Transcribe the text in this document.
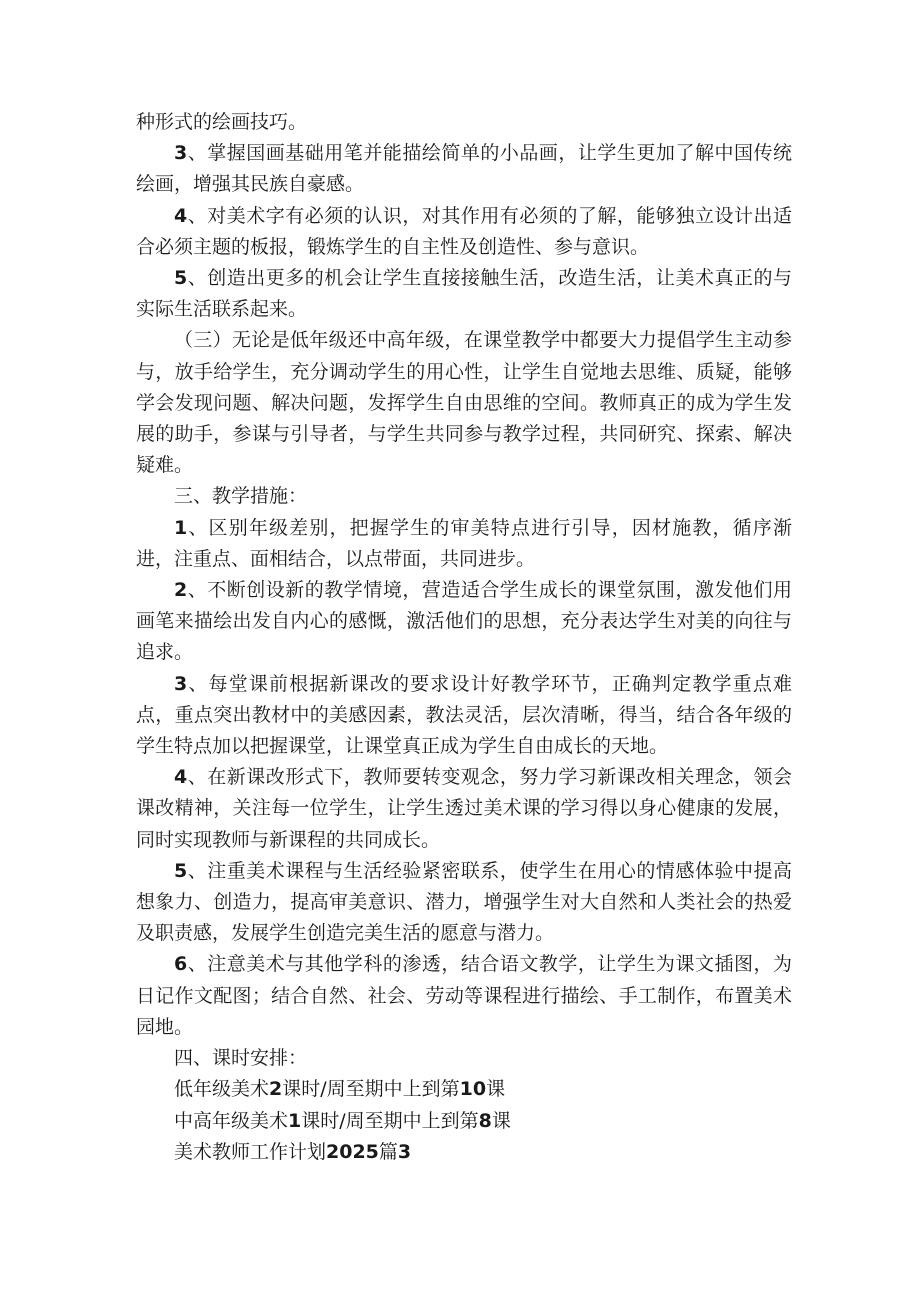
种形式的绘画技巧。

3、掌握国画基础用笔并能描绘简单的小品画，让学生更加了解中国传统绘画，增强其民族自豪感。

4、对美术字有必须的认识，对其作用有必须的了解，能够独立设计出适合必须主题的板报，锻炼学生的自主性及创造性、参与意识。

5、创造出更多的机会让学生直接接触生活，改造生活，让美术真正的与实际生活联系起来。

（三）无论是低年级还中高年级，在课堂教学中都要大力提倡学生主动参与，放手给学生，充分调动学生的用心性，让学生自觉地去思维、质疑，能够学会发现问题、解决问题，发挥学生自由思维的空间。教师真正的成为学生发展的助手，参谋与引导者，与学生共同参与教学过程，共同研究、探索、解决疑难。

三、教学措施：

1、区别年级差别，把握学生的审美特点进行引导，因材施教，循序渐进，注重点、面相结合，以点带面，共同进步。

2、不断创设新的教学情境，营造适合学生成长的课堂氛围，激发他们用画笔来描绘出发自内心的感慨，激活他们的思想，充分表达学生对美的向往与追求。

3、每堂课前根据新课改的要求设计好教学环节，正确判定教学重点难点，重点突出教材中的美感因素，教法灵活，层次清晰，得当，结合各年级的学生特点加以把握课堂，让课堂真正成为学生自由成长的天地。

4、在新课改形式下，教师要转变观念，努力学习新课改相关理念，领会课改精神，关注每一位学生，让学生透过美术课的学习得以身心健康的发展，同时实现教师与新课程的共同成长。

5、注重美术课程与生活经验紧密联系，使学生在用心的情感体验中提高想象力、创造力，提高审美意识、潜力，增强学生对大自然和人类社会的热爱及职责感，发展学生创造完美生活的愿意与潜力。

6、注意美术与其他学科的渗透，结合语文教学，让学生为课文插图，为日记作文配图；结合自然、社会、劳动等课程进行描绘、手工制作，布置美术园地。

四、课时安排：

低年级美术2课时/周至期中上到第10课

中高年级美术1课时/周至期中上到第8课

美术教师工作计划2025篇3
